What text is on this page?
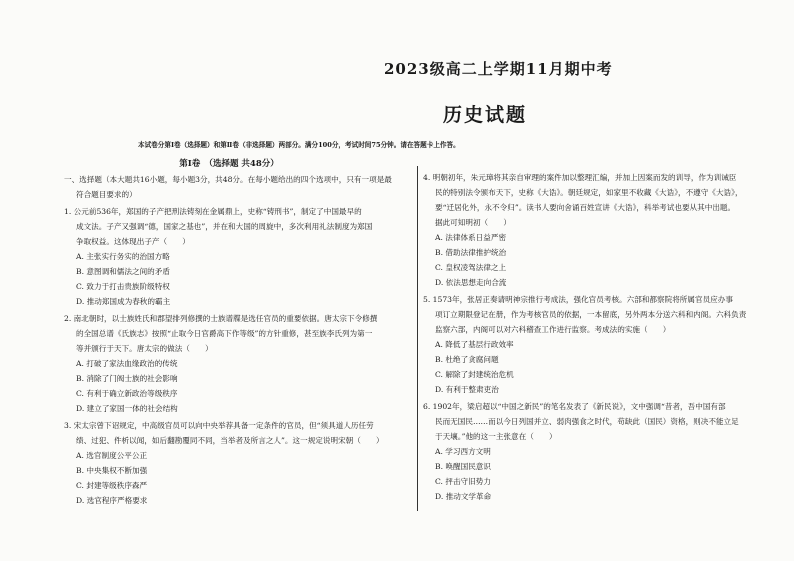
2023级高二上学期11月期中考
历史试题
本试卷分第Ⅰ卷（选择题）和第Ⅱ卷（非选择题）两部分。满分100分，考试时间75分钟。请在答题卡上作答。
第Ⅰ卷　（选择题 共48分）
一、选择题（本大题共16小题，每小题3分，共48分。在每小题给出的四个选项中，只有一项是最
符合题目要求的）
1. 公元前536年，郑国的子产把刑法铸刻在金属鼎上，史称“铸刑书”，制定了中国最早的
成文法。子产又强调“德，国家之基也”，并在和大国的周旋中，多次利用礼法制度为郑国
争取权益。这体现出子产（　　）
A. 主张实行务实的治国方略
B. 意图调和儒法之间的矛盾
C. 致力于打击贵族阶级特权
D. 推动郑国成为春秋的霸主
2. 南北朝时，以士族姓氏和郡望排列修撰的士族谱牒是选任官员的重要依据。唐太宗下令修撰
的全国总谱《氏族志》按照“止取今日官爵高下作等级”的方针重修，甚至族李氏列为第一
等并颁行于天下。唐太宗的做法（　　）
A. 打破了家法血缘政治的传统
B. 消除了门阀士族的社会影响
C. 有利于确立新政治等级秩序
D. 建立了家国一体的社会结构
3. 宋太宗曾下诏规定，中高级官员可以向中央举荐具备一定条件的官员，但“须具道人历任劳
绩、过犯、件析以闻，如后翻勘覆同不同，当举者及所言之人”。这一规定说明宋朝（　　）
A. 选官制度公平公正
B. 中央集权不断加强
C. 封建等级秩序森严
D. 选官程序严格要求
4. 明朝初年，朱元璋将其亲自审理的案件加以整理汇编，并加上因案而发的训导，作为训诫臣
民的特别法令颁布天下，史称《大诰》。朝廷规定，如家里不收藏《大诰》，不遵守《大诰》，
要“迁居化外，永不令归”。读书人要向舍诵百姓宣讲《大诰》，科举考试也要从其中出题。
据此可知明初（　　）
A. 法律体系日益严密
B. 借助法律推护统治
C. 皇权凌驾法律之上
D. 依法思想走向合流
5. 1573年，张居正奏请明神宗推行考成法，强化官员考核。六部和都察院将所属官员应办事
项订立期限登记在册，作为考核官员的依据，一本留底，另外两本分送六科和内阁。六科负责
监察六部，内阁可以对六科稽查工作进行监察。考成法的实施（　　）
A. 降低了基层行政效率
B. 杜绝了贪腐问题
C. 解除了封建统治危机
D. 有利于整肃吏治
6. 1902年，梁启超以“中国之新民”的笔名发表了《新民说》，文中强调“昔者，吾中国有部
民而无国民……而以今日列国并立、弱肉强食之时代，苟缺此（国民）资格，则决不能立足
于天壤。”他的这一主张意在（　　）
A. 学习西方文明
B. 唤醒国民意识
C. 抨击守旧势力
D. 推动文学革命
